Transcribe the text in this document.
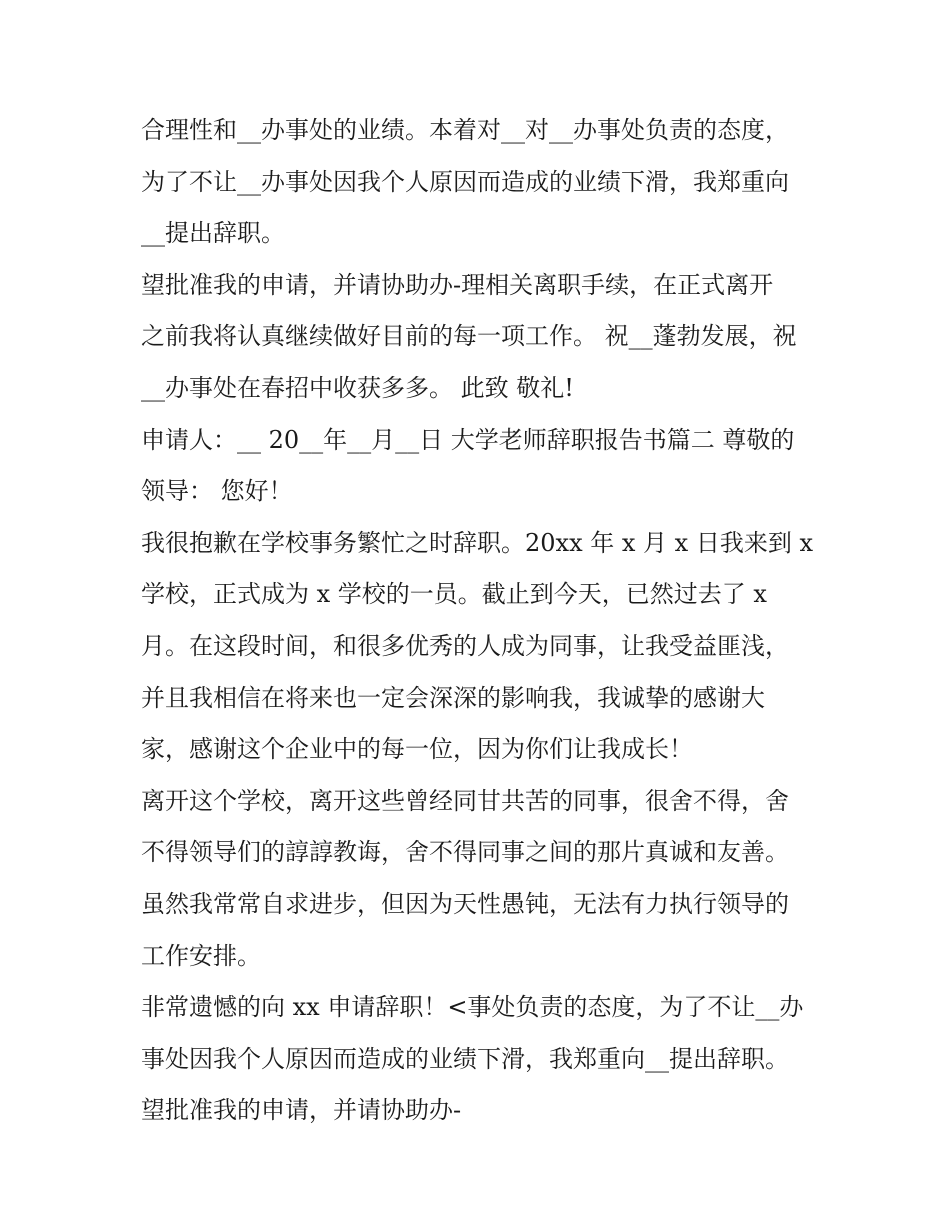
合理性和__办事处的业绩。本着对__对__办事处负责的态度，
为了不让__办事处因我个人原因而造成的业绩下滑，我郑重向
__提出辞职。
望批准我的申请，并请协助办-理相关离职手续，在正式离开
之前我将认真继续做好目前的每一项工作。 祝__蓬勃发展，祝
__办事处在春招中收获多多。 此致 敬礼!
申请人：__ 20__年__月__日 大学老师辞职报告书篇二 尊敬的
领导： 您好！
我很抱歉在学校事务繁忙之时辞职。20xx 年 x 月 x 日我来到 x
学校，正式成为 x 学校的一员。截止到今天，已然过去了 x
月。在这段时间，和很多优秀的人成为同事，让我受益匪浅，
并且我相信在将来也一定会深深的影响我，我诚挚的感谢大
家，感谢这个企业中的每一位，因为你们让我成长！
离开这个学校，离开这些曾经同甘共苦的同事，很舍不得，舍
不得领导们的諄諄教诲，舍不得同事之间的那片真诚和友善。
虽然我常常自求进步，但因为天性愚钝，无法有力执行领导的
工作安排。
非常遗憾的向 xx 申请辞职！<事处负责的态度，为了不让__办
事处因我个人原因而造成的业绩下滑，我郑重向__提出辞职。
望批准我的申请，并请协助办-
